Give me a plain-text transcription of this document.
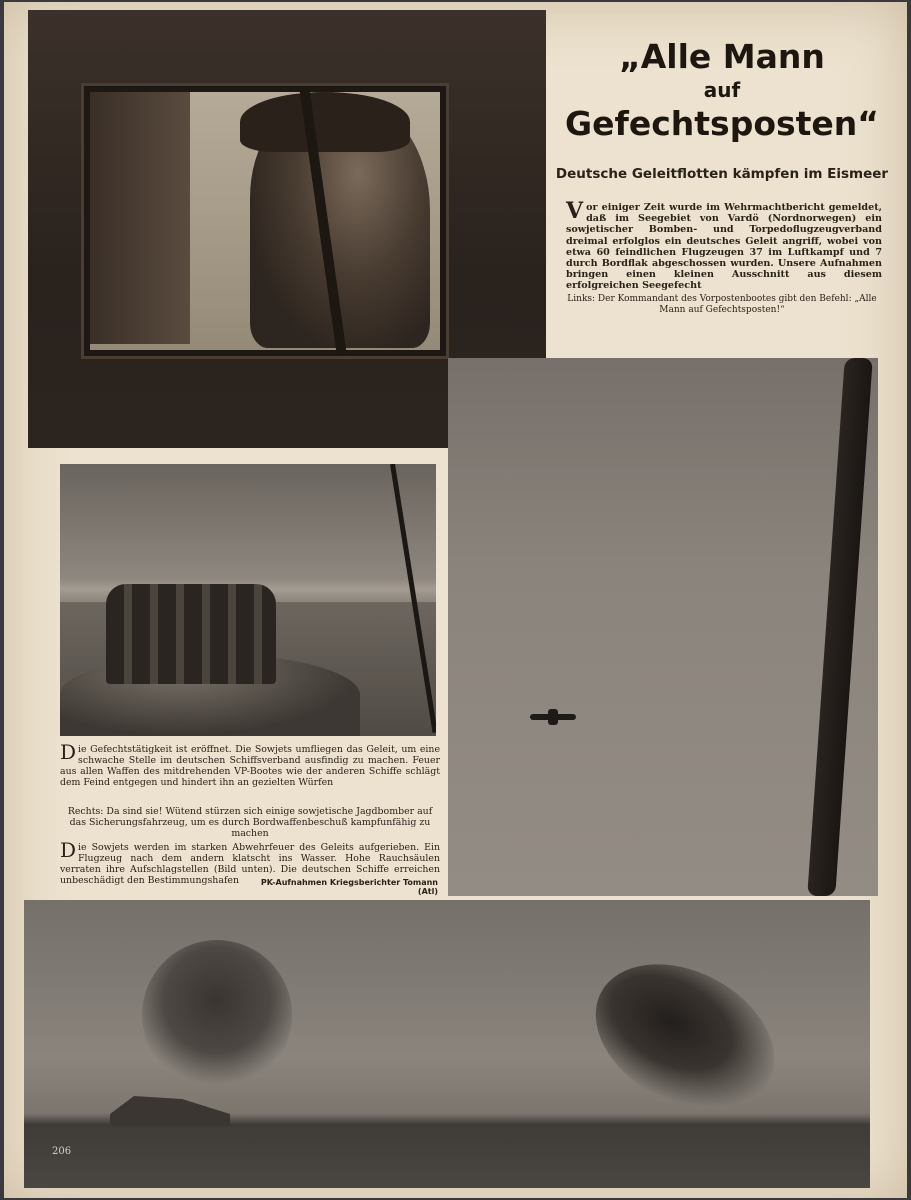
„Alle Mann
auf
Gefechtsposten“
Deutsche Geleitflotten kämpfen im Eismeer
Vor einiger Zeit wurde im Wehrmachtbericht gemeldet, daß im Seegebiet von Vardö (Nordnorwegen) ein sowjetischer Bomben- und Torpedoflugzeugverband dreimal erfolglos ein deutsches Geleit angriff, wobei von etwa 60 feindlichen Flugzeugen 37 im Luftkampf und 7 durch Bordflak abgeschossen wurden. Unsere Aufnahmen bringen einen kleinen Ausschnitt aus diesem erfolgreichen Seegefecht
Links: Der Kommandant des Vorpostenbootes gibt den Befehl: „Alle Mann auf Gefechtsposten!“
Die Gefechtstätigkeit ist eröffnet. Die Sowjets umfliegen das Geleit, um eine schwache Stelle im deutschen Schiffsverband ausfindig zu machen. Feuer aus allen Waffen des mitdrehenden VP-Bootes wie der anderen Schiffe schlägt dem Feind entgegen und hindert ihn an gezielten Würfen
Rechts: Da sind sie! Wütend stürzen sich einige sowjetische Jagdbomber auf das Sicherungsfahrzeug, um es durch Bordwaffenbeschuß kampfunfähig zu machen
Die Sowjets werden im starken Abwehrfeuer des Geleits aufgerieben. Ein Flugzeug nach dem andern klatscht ins Wasser. Hohe Rauchsäulen verraten ihre Aufschlagstellen (Bild unten). Die deutschen Schiffe erreichen unbeschädigt den Bestimmungshafen	PK-Aufnahmen Kriegsberichter Tomann (Atl)
206
